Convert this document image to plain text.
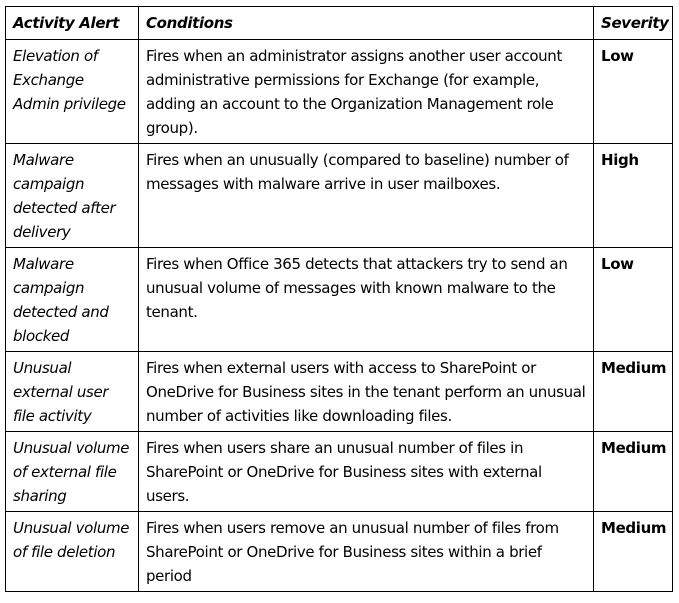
Activity Alert	Conditions	Severity
Elevation of Exchange Admin privilege	Fires when an administrator assigns another user account administrative permissions for Exchange (for example, adding an account to the Organization Management role group).	Low
Malware campaign detected after delivery	Fires when an unusually (compared to baseline) number of messages with malware arrive in user mailboxes.	High
Malware campaign detected and blocked	Fires when Office 365 detects that attackers try to send an unusual volume of messages with known malware to the tenant.	Low
Unusual external user file activity	Fires when external users with access to SharePoint or OneDrive for Business sites in the tenant perform an unusual number of activities like downloading files.	Medium
Unusual volume of external file sharing	Fires when users share an unusual number of files in SharePoint or OneDrive for Business sites with external users.	Medium
Unusual volume of file deletion	Fires when users remove an unusual number of files from SharePoint or OneDrive for Business sites within a brief period	Medium
